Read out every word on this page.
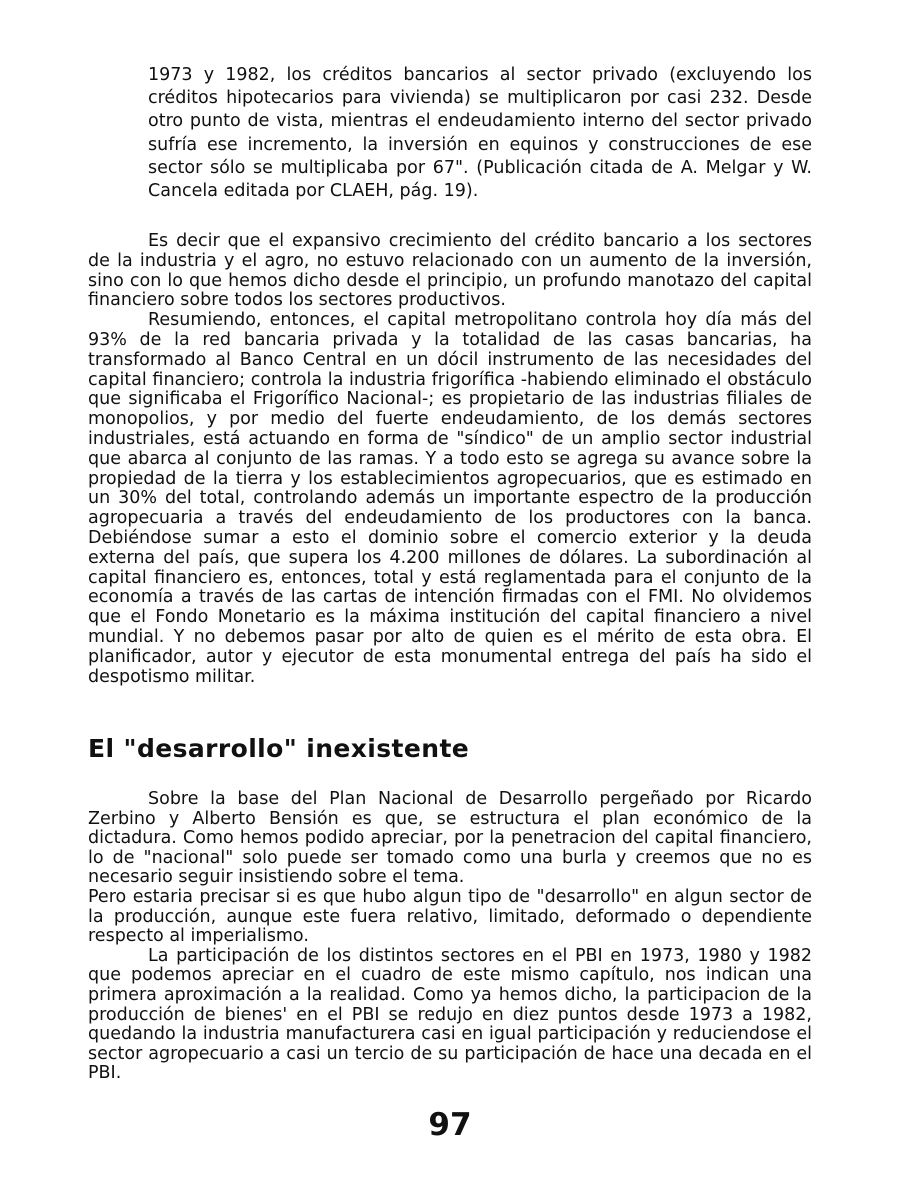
1973 y 1982, los créditos bancarios al sector privado (excluyendo los créditos hipotecarios para vivienda) se multiplicaron por casi 232. Desde otro punto de vista, mientras el endeudamiento interno del sector privado sufría ese incremento, la inversión en equinos y construcciones de ese sector sólo se multiplicaba por 67". (Publicación citada de A. Melgar y W. Cancela editada por CLAEH, pág. 19).

Es decir que el expansivo crecimiento del crédito bancario a los sectores de la industria y el agro, no estuvo relacionado con un aumento de la inversión, sino con lo que hemos dicho desde el principio, un profundo manotazo del capital financiero sobre todos los sectores productivos.

Resumiendo, entonces, el capital metropolitano controla hoy día más del 93% de la red bancaria privada y la totalidad de las casas bancarias, ha transformado al Banco Central en un dócil instrumento de las necesidades del capital financiero; controla la industria frigorífica -habiendo eliminado el obstáculo que significaba el Frigorífico Nacional-; es propietario de las industrias filiales de monopolios, y por medio del fuerte endeudamiento, de los demás sectores industriales, está actuando en forma de "síndico" de un amplio sector industrial que abarca al conjunto de las ramas. Y a todo esto se agrega su avance sobre la propiedad de la tierra y los establecimientos agropecuarios, que es estimado en un 30% del total, controlando además un importante espectro de la producción agropecuaria a través del endeudamiento de los productores con la banca. Debiéndose sumar a esto el dominio sobre el comercio exterior y la deuda externa del país, que supera los 4.200 millones de dólares. La subordinación al capital financiero es, entonces, total y está reglamentada para el conjunto de la economía a través de las cartas de intención firmadas con el FMI. No olvidemos que el Fondo Monetario es la máxima institución del capital financiero a nivel mundial. Y no debemos pasar por alto de quien es el mérito de esta obra. El planificador, autor y ejecutor de esta monumental entrega del país ha sido el despotismo militar.

El "desarrollo" inexistente

Sobre la base del Plan Nacional de Desarrollo pergeñado por Ricardo Zerbino y Alberto Bensión es que, se estructura el plan económico de la dictadura. Como hemos podido apreciar, por la penetracion del capital financiero, lo de "nacional" solo puede ser tomado como una burla y creemos que no es necesario seguir insistiendo sobre el tema.

Pero estaria precisar si es que hubo algun tipo de "desarrollo" en algun sector de la producción, aunque este fuera relativo, limitado, deformado o dependiente respecto al imperialismo.

La participación de los distintos sectores en el PBI en 1973, 1980 y 1982 que podemos apreciar en el cuadro de este mismo capítulo, nos indican una primera aproximación a la realidad. Como ya hemos dicho, la participacion de la producción de bienes' en el PBI se redujo en diez puntos desde 1973 a 1982, quedando la industria manufacturera casi en igual participación y reduciendose el sector agropecuario a casi un tercio de su participación de hace una decada en el PBI.

97
